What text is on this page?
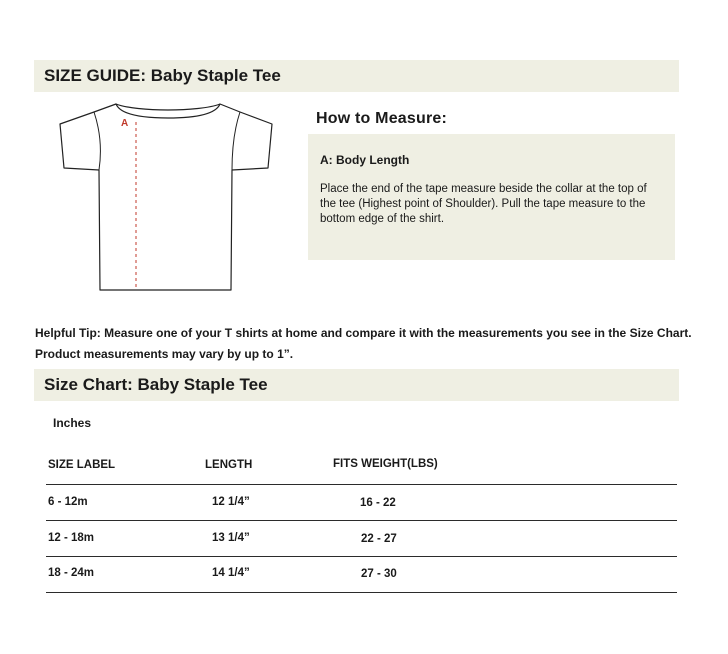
SIZE GUIDE: Baby Staple Tee
A	How to Measure:
A: Body Length
Place the end of the tape measure beside the collar at the top of the tee (Highest point of Shoulder). Pull the tape measure to the bottom edge of the shirt.
Helpful Tip: Measure one of your T shirts at home and compare it with the measurements you see in the Size Chart. Product measurements may vary by up to 1”.
Size Chart: Baby Staple Tee
Inches
SIZE LABEL	LENGTH	FITS WEIGHT(LBS)
6 - 12m	12 1/4”	16 - 22
12 - 18m	13 1/4”	22 - 27
18 - 24m	14 1/4”	27 - 30
